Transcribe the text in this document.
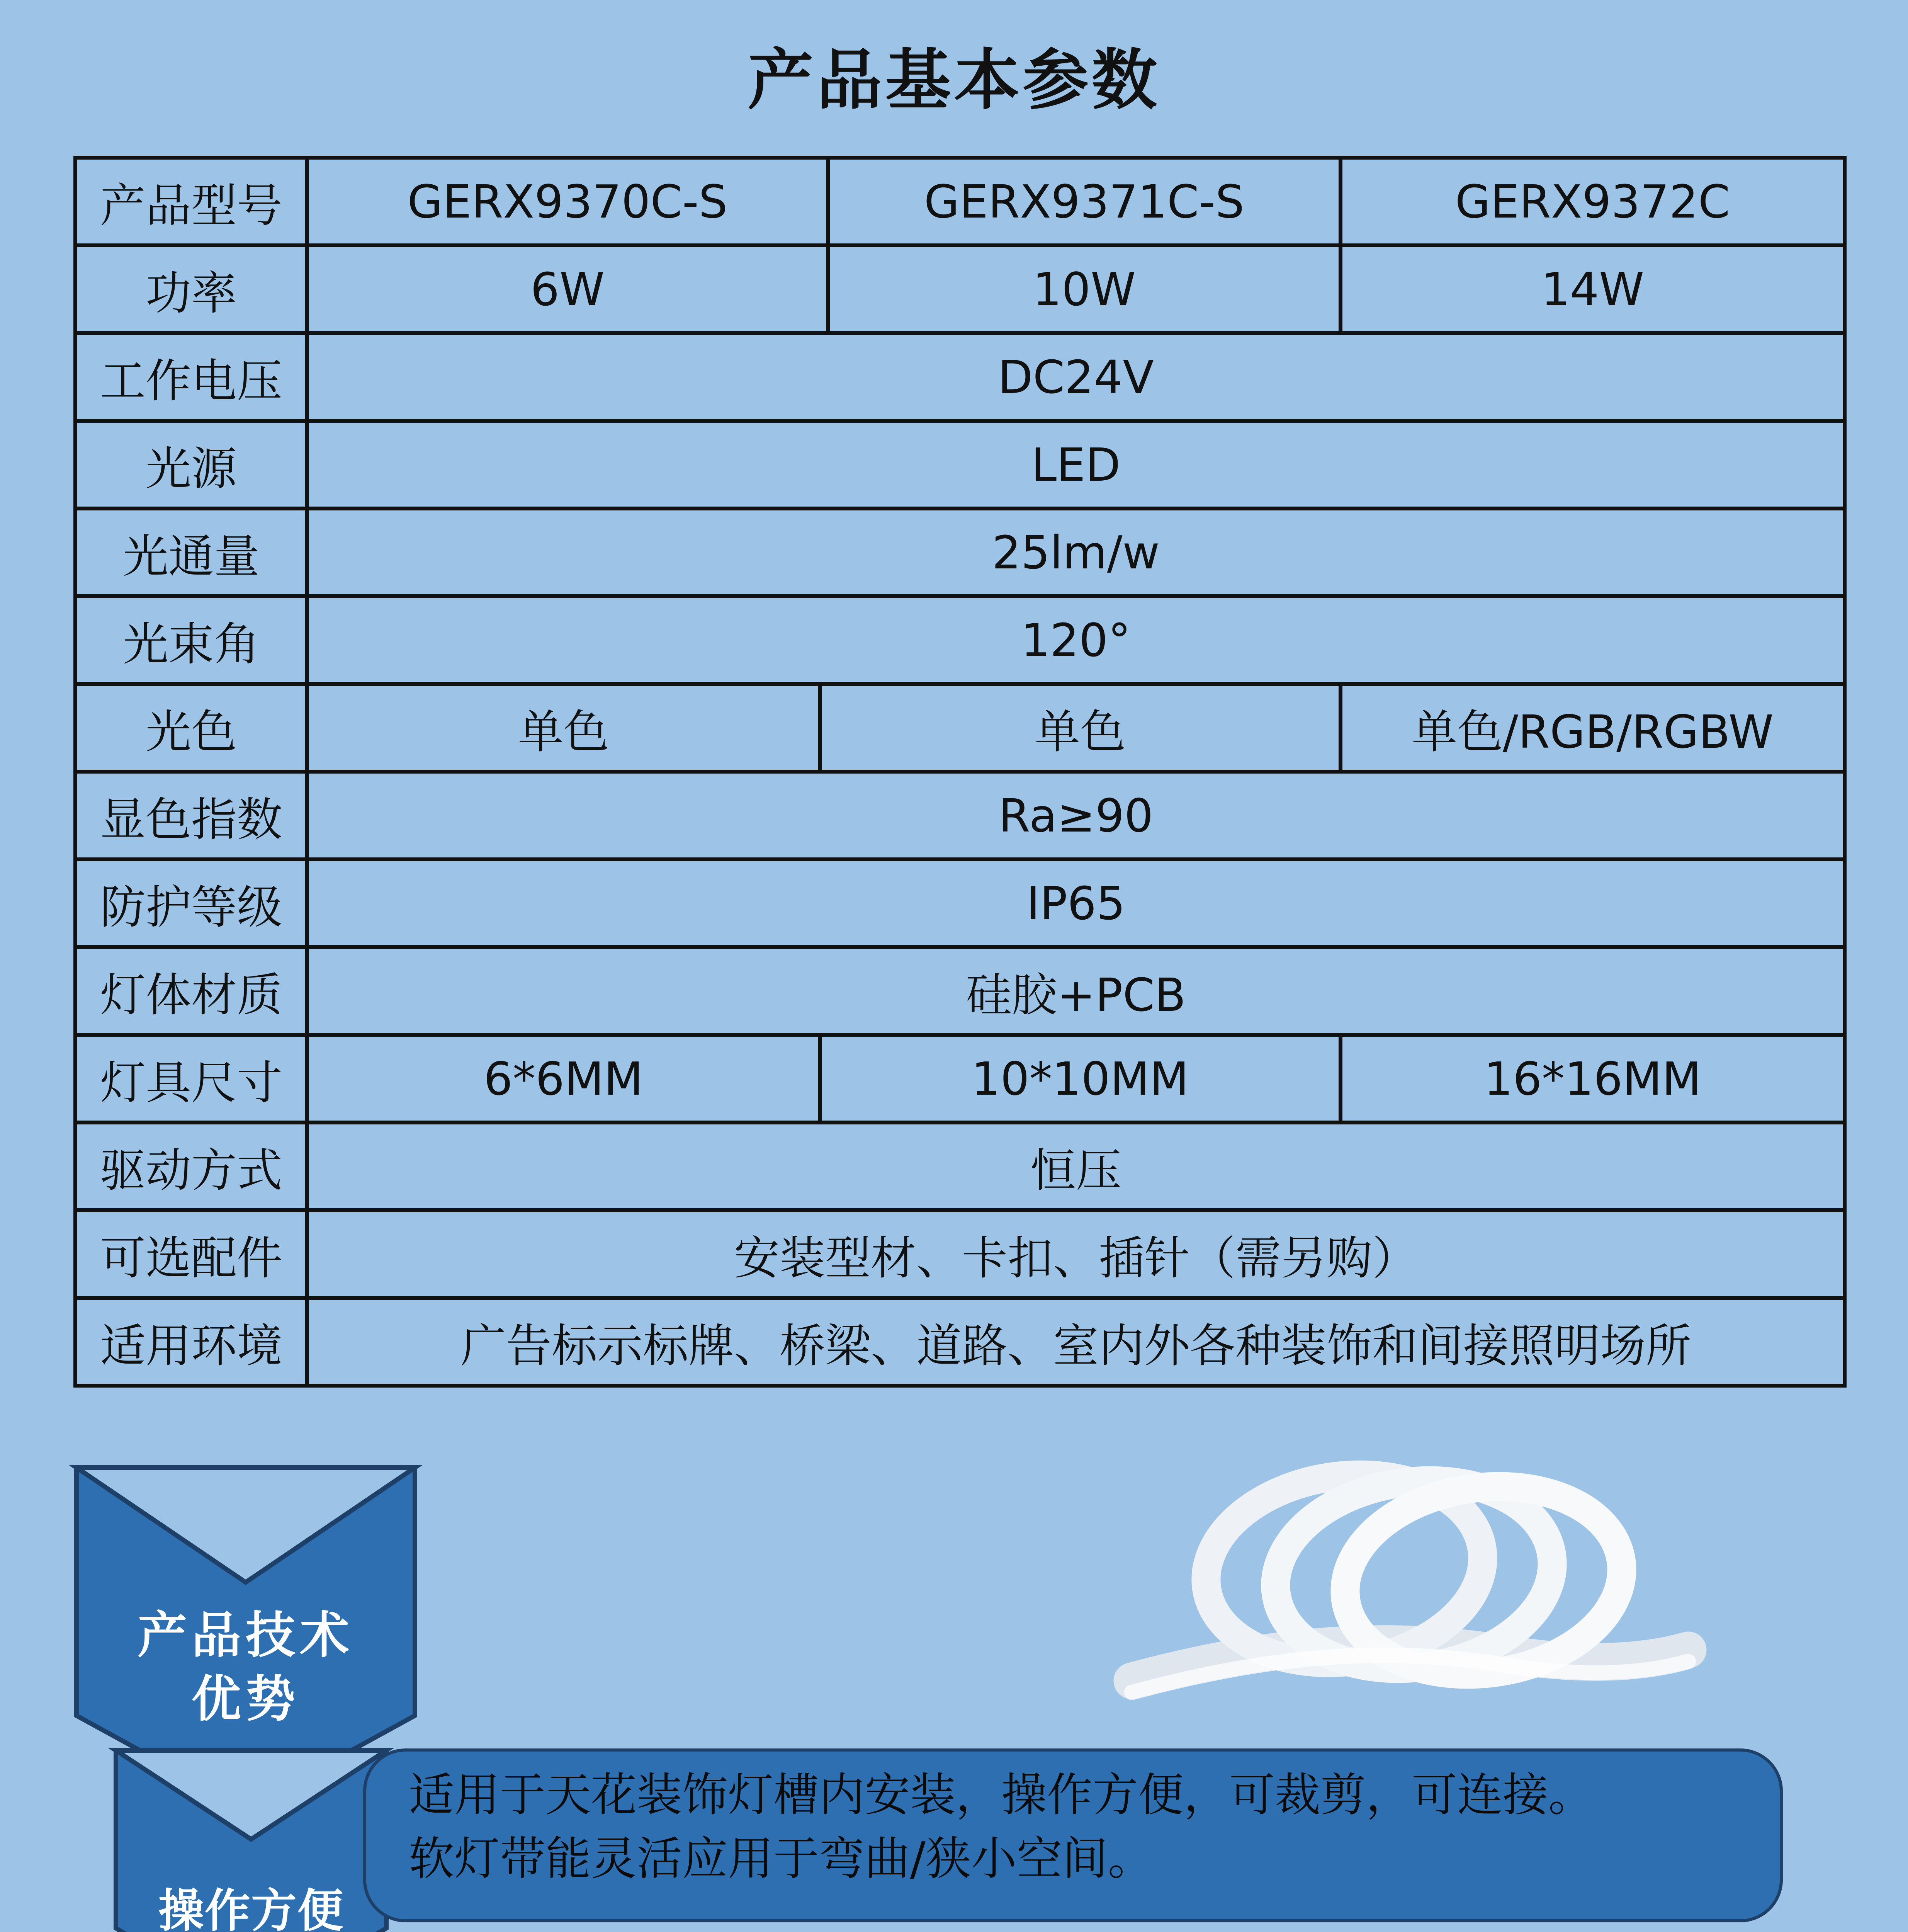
产品基本参数
产品型号	GERX9370C-S		GERX9371C-S	GERX9372C
功率	6W		10W	14W
工作电压	DC24V			
光源	LED			
光通量	25lm/w			
光束角	120°			
光色	单色	单色		单色/RGB/RGBW
显色指数	Ra≥90			
防护等级	IP65			
灯体材质	硅胶+PCB			
灯具尺寸	6*6MM	10*10MM		16*16MM
驱动方式	恒压			
可选配件	安装型材、卡扣、插针（需另购）			
适用环境	广告标示标牌、桥梁、道路、室内外各种装饰和间接照明场所			
产品技术
优势
操作方便
适用于天花装饰灯槽内安装，操作方便，可裁剪，可连接。
软灯带能灵活应用于弯曲/狭小空间。
